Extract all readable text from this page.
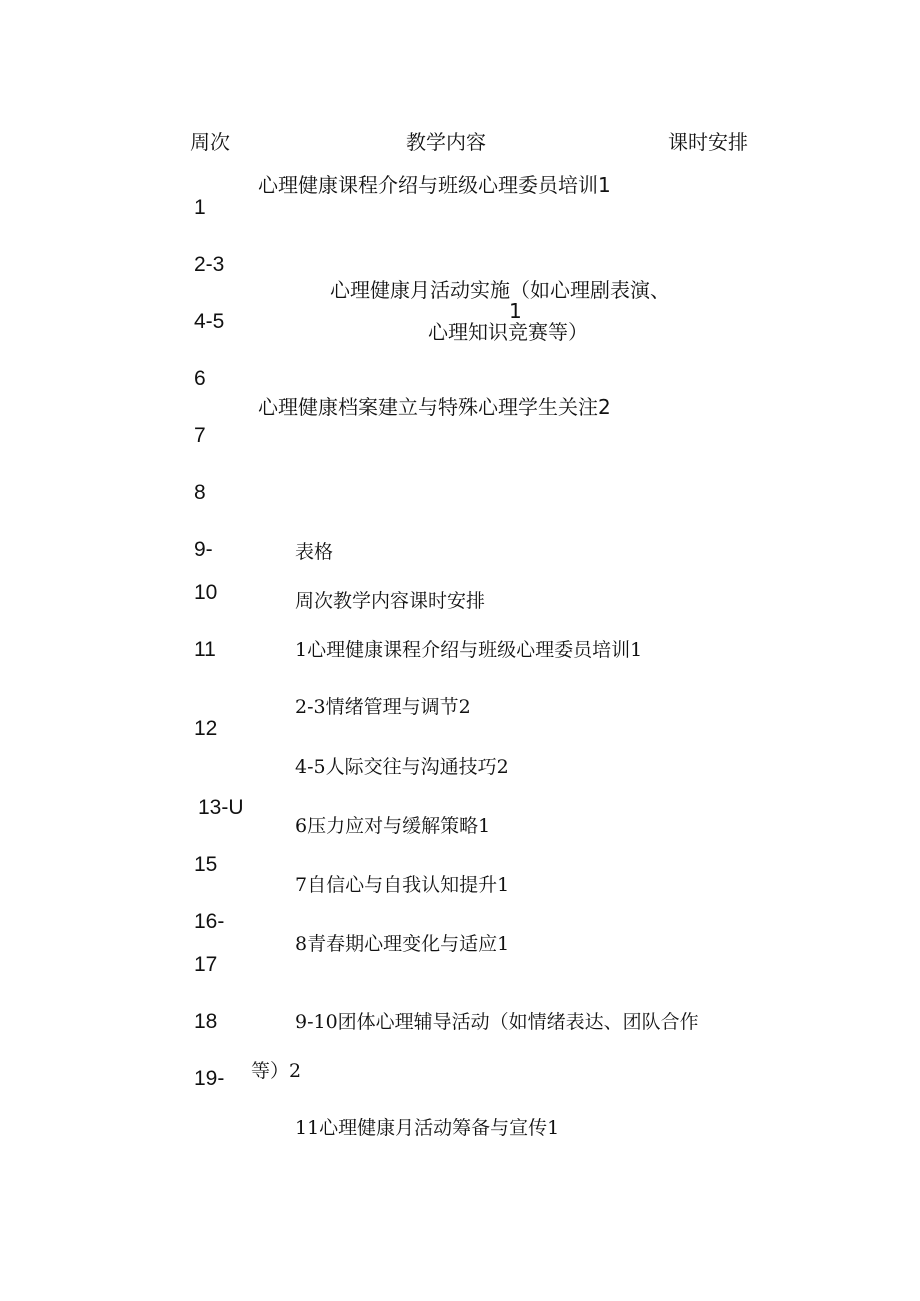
周次	教学内容	课时安排
心理健康课程介绍与班级心理委员培训1
心理健康月活动实施（如心理剧表演、
1
心理知识竞赛等）
心理健康档案建立与特殊心理学生关注2
1
2-3
4-5
6
7
8
9-
10
11
12
13-U
15
16-
17
18
19-
表格
周次教学内容课时安排
1心理健康课程介绍与班级心理委员培训1
2-3情绪管理与调节2
4-5人际交往与沟通技巧2
6压力应对与缓解策略1
7自信心与自我认知提升1
8青春期心理变化与适应1
9-10团体心理辅导活动（如情绪表达、团队合作
等）2
11心理健康月活动筹备与宣传1
